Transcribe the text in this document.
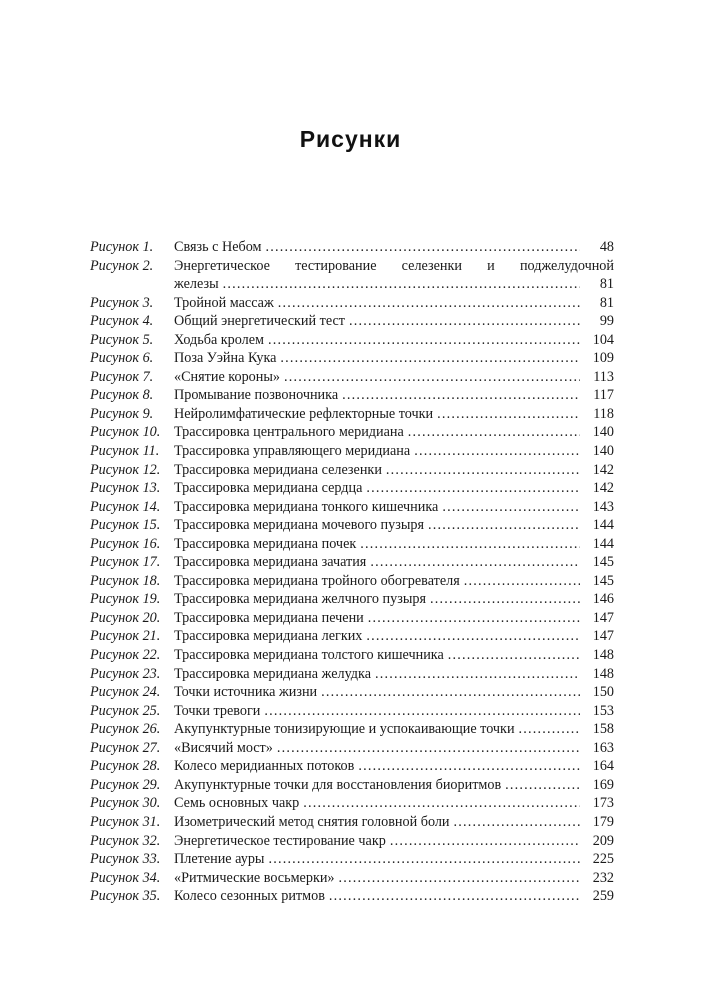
Рисунки
Рисунок 1.	Связь с Небом .....	48
Рисунок 2.	Энергетическое тестирование селезенки и поджелудочной
железы .....	81
Рисунок 3.	Тройной массаж .....	81
Рисунок 4.	Общий энергетический тест .....	99
Рисунок 5.	Ходьба кролем .....	104
Рисунок 6.	Поза Уэйна Кука .....	109
Рисунок 7.	«Снятие короны» .....	113
Рисунок 8.	Промывание позвоночника .....	117
Рисунок 9.	Нейролимфатические рефлекторные точки .....	118
Рисунок 10. Трассировка центрального меридиана .....	140
Рисунок 11.	Трассировка управляющего меридиана .....	140
Рисунок 12. Трассировка меридиана селезенки .....	142
Рисунок 13. Трассировка меридиана сердца .....	142
Рисунок 14. Трассировка меридиана тонкого кишечника .....	143
Рисунок 15. Трассировка меридиана мочевого пузыря .....	144
Рисунок 16. Трассировка меридиана почек .....	144
Рисунок 17. Трассировка меридиана зачатия .....	145
Рисунок 18. Трассировка меридиана тройного обогревателя .....	145
Рисунок 19. Трассировка меридиана желчного пузыря .....	146
Рисунок 20. Трассировка меридиана печени .....	147
Рисунок 21. Трассировка меридиана легких .....	147
Рисунок 22. Трассировка меридиана толстого кишечника .....	148
Рисунок 23. Трассировка меридиана желудка .....	148
Рисунок 24. Точки источника жизни .....	150
Рисунок 25. Точки тревоги .....	153
Рисунок 26. Акупунктурные тонизирующие и успокаивающие точки .....	158
Рисунок 27. «Висячий мост» .....	163
Рисунок 28. Колесо меридианных потоков .....	164
Рисунок 29. Акупунктурные точки для восстановления биоритмов .....	169
Рисунок 30. Семь основных чакр .....	173
Рисунок 31. Изометрический метод снятия головной боли .....	179
Рисунок 32. Энергетическое тестирование чакр .....	209
Рисунок 33. Плетение ауры .....	225
Рисунок 34. «Ритмические восьмерки» .....	232
Рисунок 35. Колесо сезонных ритмов .....	259
